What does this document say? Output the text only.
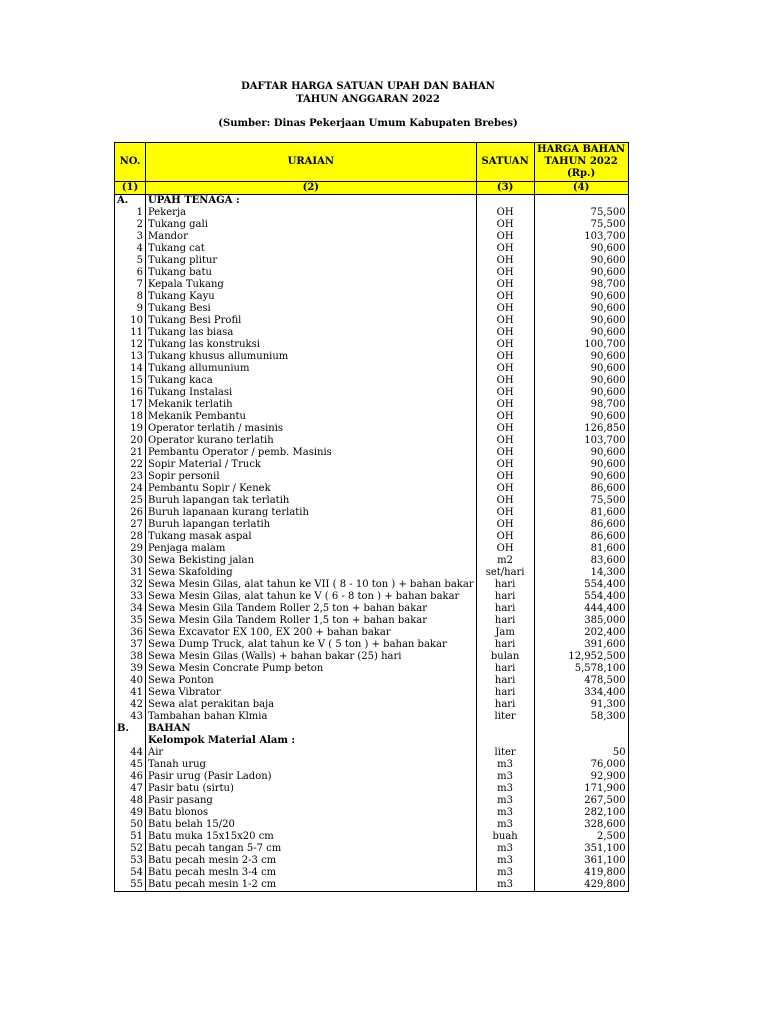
DAFTAR HARGA SATUAN UPAH DAN BAHAN
TAHUN ANGGARAN 2022
(Sumber: Dinas Pekerjaan Umum Kabupaten Brebes)
NO.	URAIAN	SATUAN	HARGA BAHAN TAHUN 2022 (Rp.)
(1)	(2)	(3)	(4)
A.	UPAH TENAGA :		
1	Pekerja	OH	75,500
2	Tukang gali	OH	75,500
3	Mandor	OH	103,700
4	Tukang cat	OH	90,600
5	Tukang plitur	OH	90,600
6	Tukang batu	OH	90,600
7	Kepala Tukang	OH	98,700
8	Tukang Kayu	OH	90,600
9	Tukang Besi	OH	90,600
10	Tukang Besi Profil	OH	90,600
11	Tukang las biasa	OH	90,600
12	Tukang las konstruksi	OH	100,700
13	Tukang khusus allumunium	OH	90,600
14	Tukang allumunium	OH	90,600
15	Tukang kaca	OH	90,600
16	Tukang Instalasi	OH	90,600
17	Mekanik terlatih	OH	98,700
18	Mekanik Pembantu	OH	90,600
19	Operator terlatih / masinis	OH	126,850
20	Operator kurano terlatih	OH	103,700
21	Pembantu Operator / pemb. Masinis	OH	90,600
22	Sopir Material / Truck	OH	90,600
23	Sopir personil	OH	90,600
24	Pembantu Sopir / Kenek	OH	86,600
25	Buruh lapangan tak terlatih	OH	75,500
26	Buruh lapanaan kurang terlatih	OH	81,600
27	Buruh lapangan terlatih	OH	86,600
28	Tukang masak aspal	OH	86,600
29	Penjaga malam	OH	81,600
30	Sewa Bekisting jalan	m2	83,600
31	Sewa Skafolding	set/hari	14,300
32	Sewa Mesin Gilas, alat tahun ke VII ( 8 - 10 ton ) + bahan bakar	hari	554,400
33	Sewa Mesin Gilas, alat tahun ke V ( 6 - 8 ton ) + bahan bakar	hari	554,400
34	Sewa Mesin Gila Tandem Roller 2,5 ton + bahan bakar	hari	444,400
35	Sewa Mesin Gila Tandem Roller 1,5 ton + bahan bakar	hari	385,000
36	Sewa Excavator EX 100, EX 200 + bahan bakar	Jam	202,400
37	Sewa Dump Truck, alat tahun ke V ( 5 ton ) + bahan bakar	hari	391,600
38	Sewa Mesin Gilas (Walls) + bahan bakar (25) hari	bulan	12,952,500
39	Sewa Mesin Concrate Pump beton	hari	5,578,100
40	Sewa Ponton	hari	478,500
41	Sewa Vibrator	hari	334,400
42	Sewa alat perakitan baja	hari	91,300
43	Tambahan bahan Klmia	liter	58,300
B.	BAHAN		
	Kelompok Material Alam :		
44	Air	liter	50
45	Tanah urug	m3	76,000
46	Pasir urug (Pasir Ladon)	m3	92,900
47	Pasir batu (sirtu)	m3	171,900
48	Pasir pasang	m3	267,500
49	Batu blonos	m3	282,100
50	Batu belah 15/20	m3	328,600
51	Batu muka 15x15x20 cm	buah	2,500
52	Batu pecah tangan 5-7 cm	m3	351,100
53	Batu pecah mesin 2-3 cm	m3	361,100
54	Batu pecah mesln 3-4 cm	m3	419,800
55	Batu pecah mesin 1-2 cm	m3	429,800
